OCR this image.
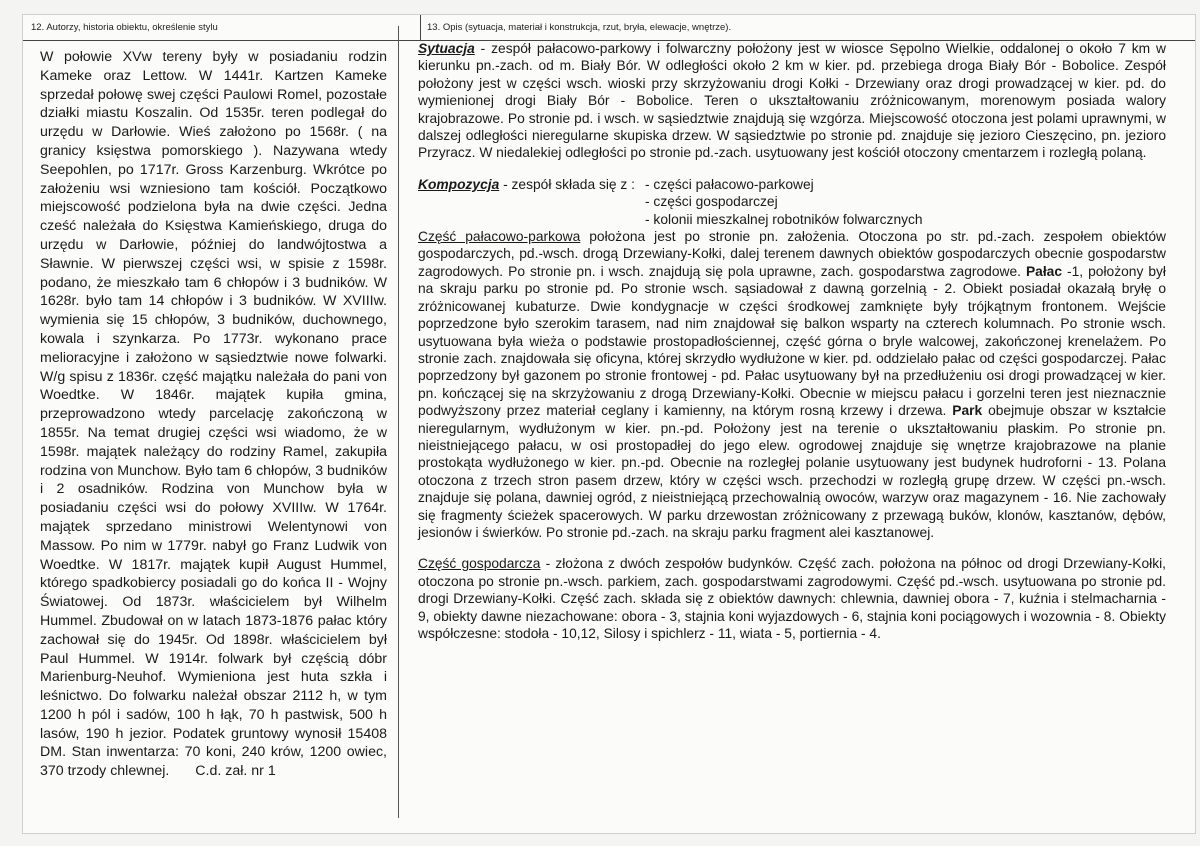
12. Autorzy, historia obiektu, określenie stylu	13. Opis (sytuacja, materiał i konstrukcja, rzut, bryła, elewacje, wnętrze).
W połowie XVw tereny były w posiadaniu rodzin Kameke oraz Lettow. W 1441r. Kartzen Kameke sprzedał połowę swej części Paulowi Romel, pozostałe działki miastu Koszalin. Od 1535r. teren podlegał do urzędu w Darłowie. Wieś założono po 1568r. ( na granicy księstwa pomorskiego ). Nazywana wtedy Seepohlen, po 1717r. Gross Karzenburg. Wkrótce po założeniu wsi wzniesiono tam kościół. Początkowo miejscowość podzielona była na dwie części. Jedna cześć należała do Księstwa Kamieńskiego, druga do urzędu w Darłowie, później do landwójtostwa a Sławnie. W pierwszej części wsi, w spisie z 1598r. podano, że mieszkało tam 6 chłopów i 3 budników. W 1628r. było tam 14 chłopów i 3 budników. W XVIIIw. wymienia się 15 chłopów, 3 budników, duchownego, kowala i szynkarza. Po 1773r. wykonano prace melioracyjne i założono w sąsiedztwie nowe folwarki. W/g spisu z 1836r. część majątku należała do pani von Woedtke. W 1846r. majątek kupiła gmina, przeprowadzono wtedy parcelację zakończoną w 1855r. Na temat drugiej części wsi wiadomo, że w 1598r. majątek należący do rodziny Ramel, zakupiła rodzina von Munchow. Było tam 6 chłopów, 3 budników i 2 osadników. Rodzina von Munchow była w posiadaniu części wsi do połowy XVIIIw. W 1764r. majątek sprzedano ministrowi Welentynowi von Massow. Po nim w 1779r. nabył go Franz Ludwik von Woedtke. W 1817r. majątek kupił August Hummel, którego spadkobiercy posiadali go do końca II - Wojny Światowej. Od 1873r. właścicielem był Wilhelm Hummel. Zbudował on w latach 1873-1876 pałac który zachował się do 1945r. Od 1898r. właścicielem był Paul Hummel. W 1914r. folwark był częścią dóbr Marienburg-Neuhof. Wymieniona jest huta szkła i leśnictwo. Do folwarku należał obszar 2112 h, w tym 1200 h pól i sadów, 100 h łąk, 70 h pastwisk, 500 h lasów, 190 h jezior. Podatek gruntowy wynosił 15408 DM. Stan inwentarza: 70 koni, 240 krów, 1200 owiec, 370 trzody chlewnej. C.d. zał. nr 1

Sytuacja - zespół pałacowo-parkowy i folwarczny położony jest w wiosce Sępolno Wielkie, oddalonej o około 7 km w kierunku pn.-zach. od m. Biały Bór. W odległości około 2 km w kier. pd. przebiega droga Biały Bór - Bobolice. Zespół położony jest w części wsch. wioski przy skrzyżowaniu drogi Kołki - Drzewiany oraz drogi prowadzącej w kier. pd. do wymienionej drogi Biały Bór - Bobolice. Teren o ukształtowaniu zróżnicowanym, morenowym posiada walory krajobrazowe. Po stronie pd. i wsch. w sąsiedztwie znajdują się wzgórza. Miejscowość otoczona jest polami uprawnymi, w dalszej odległości nieregularne skupiska drzew. W sąsiedztwie po stronie pd. znajduje się jezioro Cieszęcino, pn. jezioro Przyracz. W niedalekiej odległości po stronie pd.-zach. usytuowany jest kościół otoczony cmentarzem i rozległą polaną.

Kompozycja - zespół składa się z : - części pałacowo-parkowej
- części gospodarczej
- kolonii mieszkalnej robotników folwarcznych

Część pałacowo-parkowa położona jest po stronie pn. założenia. Otoczona po str. pd.-zach. zespołem obiektów gospodarczych, pd.-wsch. drogą Drzewiany-Kołki, dalej terenem dawnych obiektów gospodarczych obecnie gospodarstw zagrodowych. Po stronie pn. i wsch. znajdują się pola uprawne, zach. gospodarstwa zagrodowe. Pałac -1, położony był na skraju parku po stronie pd. Po stronie wsch. sąsiadował z dawną gorzelnią - 2. Obiekt posiadał okazałą bryłę o zróżnicowanej kubaturze. Dwie kondygnacje w części środkowej zamknięte były trójkątnym frontonem. Wejście poprzedzone było szerokim tarasem, nad nim znajdował się balkon wsparty na czterech kolumnach. Po stronie wsch. usytuowana była wieża o podstawie prostopadłościennej, część górna o bryle walcowej, zakończonej krenelażem. Po stronie zach. znajdowała się oficyna, której skrzydło wydłużone w kier. pd. oddzielało pałac od części gospodarczej. Pałac poprzedzony był gazonem po stronie frontowej - pd. Pałac usytuowany był na przedłużeniu osi drogi prowadzącej w kier. pn. kończącej się na skrzyżowaniu z drogą Drzewiany-Kołki. Obecnie w miejscu pałacu i gorzelni teren jest nieznacznie podwyższony przez materiał ceglany i kamienny, na którym rosną krzewy i drzewa. Park obejmuje obszar w kształcie nieregularnym, wydłużonym w kier. pn.-pd. Położony jest na terenie o ukształtowaniu płaskim. Po stronie pn. nieistniejącego pałacu, w osi prostopadłej do jego elew. ogrodowej znajduje się wnętrze krajobrazowe na planie prostokąta wydłużonego w kier. pn.-pd. Obecnie na rozległej polanie usytuowany jest budynek hudroforni - 13. Polana otoczona z trzech stron pasem drzew, który w części wsch. przechodzi w rozległą grupę drzew. W części pn.-wsch. znajduje się polana, dawniej ogród, z nieistniejącą przechowalnią owoców, warzyw oraz magazynem - 16. Nie zachowały się fragmenty ścieżek spacerowych. W parku drzewostan zróżnicowany z przewagą buków, klonów, kasztanów, dębów, jesionów i świerków. Po stronie pd.-zach. na skraju parku fragment alei kasztanowej.

Część gospodarcza - złożona z dwóch zespołów budynków. Część zach. położona na północ od drogi Drzewiany-Kołki, otoczona po stronie pn.-wsch. parkiem, zach. gospodarstwami zagrodowymi. Część pd.-wsch. usytuowana po stronie pd. drogi Drzewiany-Kołki. Część zach. składa się z obiektów dawnych: chlewnia, dawniej obora - 7, kuźnia i stelmacharnia - 9, obiekty dawne niezachowane: obora - 3, stajnia koni wyjazdowych - 6, stajnia koni pociągowych i wozownia - 8. Obiekty współczesne: stodoła - 10,12, Silosy i spichlerz - 11, wiata - 5, portiernia - 4.
